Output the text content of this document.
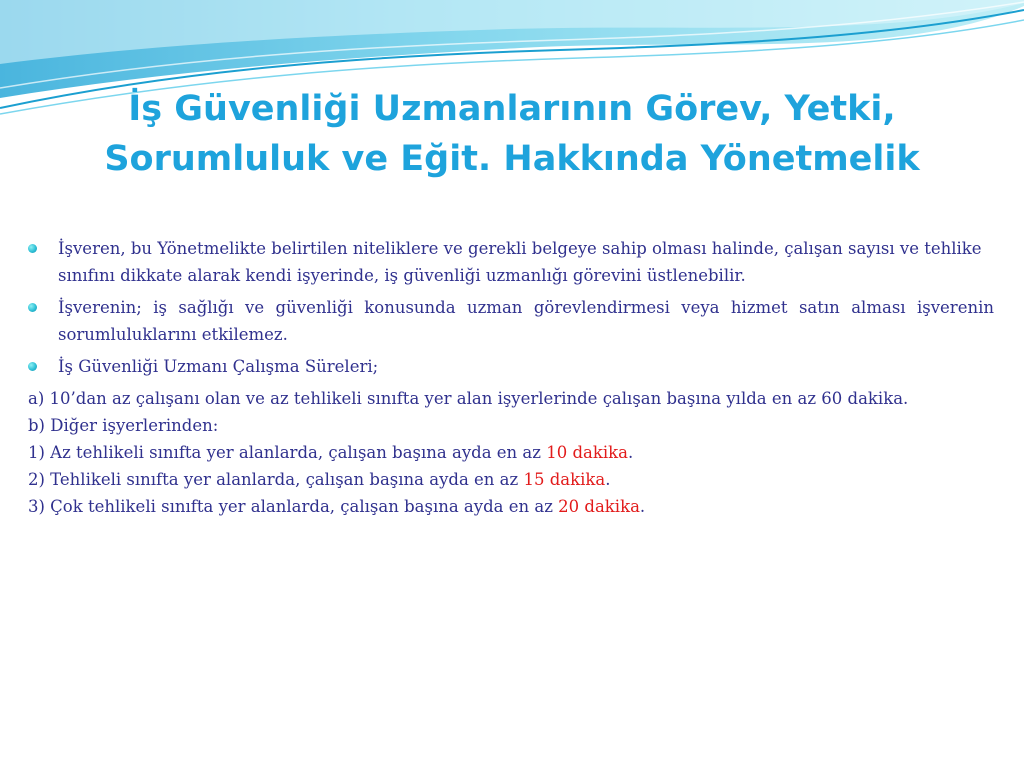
İş Güvenliği Uzmanlarının Görev, Yetki,
Sorumluluk ve Eğit. Hakkında Yönetmelik

İşveren, bu Yönetmelikte belirtilen niteliklere ve gerekli belgeye sahip olması halinde, çalışan sayısı ve tehlike sınıfını dikkate alarak kendi işyerinde, iş güvenliği uzmanlığı görevini üstlenebilir.

İşverenin; iş sağlığı ve güvenliği konusunda uzman görevlendirmesi veya hizmet satın alması işverenin sorumluluklarını etkilemez.

İş Güvenliği Uzmanı Çalışma Süreleri;

a) 10’dan az çalışanı olan ve az tehlikeli sınıfta yer alan işyerlerinde çalışan başına yılda en az 60 dakika.

b) Diğer işyerlerinden:

1) Az tehlikeli sınıfta yer alanlarda, çalışan başına ayda en az 10 dakika.

2) Tehlikeli sınıfta yer alanlarda, çalışan başına ayda en az 15 dakika.

3) Çok tehlikeli sınıfta yer alanlarda, çalışan başına ayda en az 20 dakika.
